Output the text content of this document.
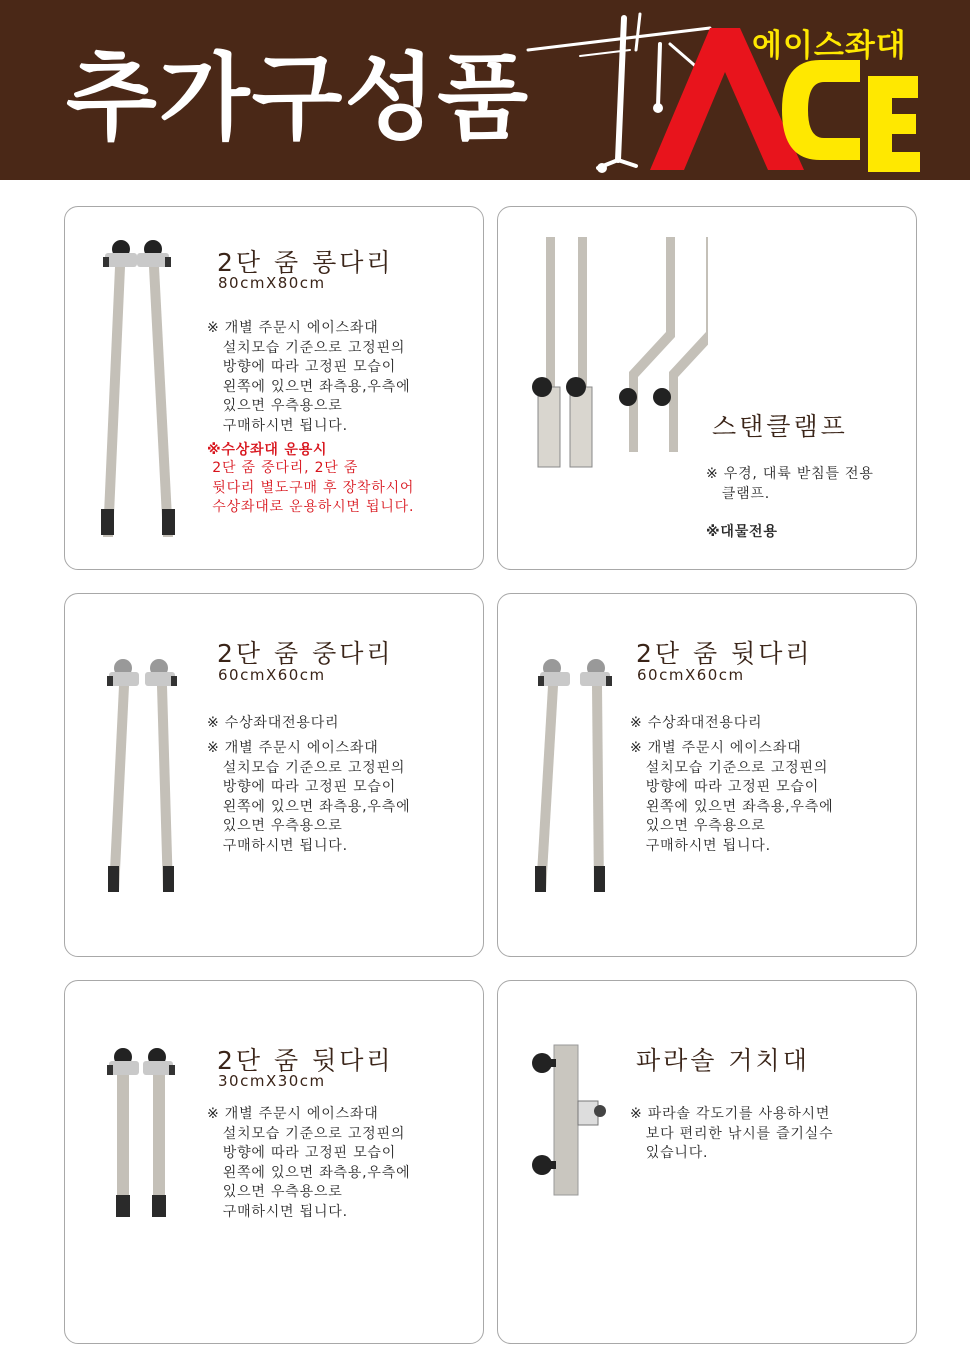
추가구성품	에이스좌대
2단 줌 롱다리
80cmX80cm
※ 개별 주문시 에이스좌대
설치모습 기준으로 고정핀의
방향에 따라 고정핀 모습이
왼쪽에 있으면 좌측용,우측에
있으면 우측용으로
구매하시면 됩니다.
※수상좌대 운용시
2단 줌 중다리, 2단 줌
뒷다리 별도구매 후 장착하시어
수상좌대로 운용하시면 됩니다.
스탠클램프
※ 우경, 대륙 받침틀 전용
클램프.
※대물전용
2단 줌 중다리
60cmX60cm
※ 수상좌대전용다리
※ 개별 주문시 에이스좌대
설치모습 기준으로 고정핀의
방향에 따라 고정핀 모습이
왼쪽에 있으면 좌측용,우측에
있으면 우측용으로
구매하시면 됩니다.
2단 줌 뒷다리
60cmX60cm
※ 수상좌대전용다리
※ 개별 주문시 에이스좌대
설치모습 기준으로 고정핀의
방향에 따라 고정핀 모습이
왼쪽에 있으면 좌측용,우측에
있으면 우측용으로
구매하시면 됩니다.
2단 줌 뒷다리
30cmX30cm
※ 개별 주문시 에이스좌대
설치모습 기준으로 고정핀의
방향에 따라 고정핀 모습이
왼쪽에 있으면 좌측용,우측에
있으면 우측용으로
구매하시면 됩니다.
파라솔 거치대
※ 파라솔 각도기를 사용하시면
보다 편리한 낚시를 즐기실수
있습니다.
